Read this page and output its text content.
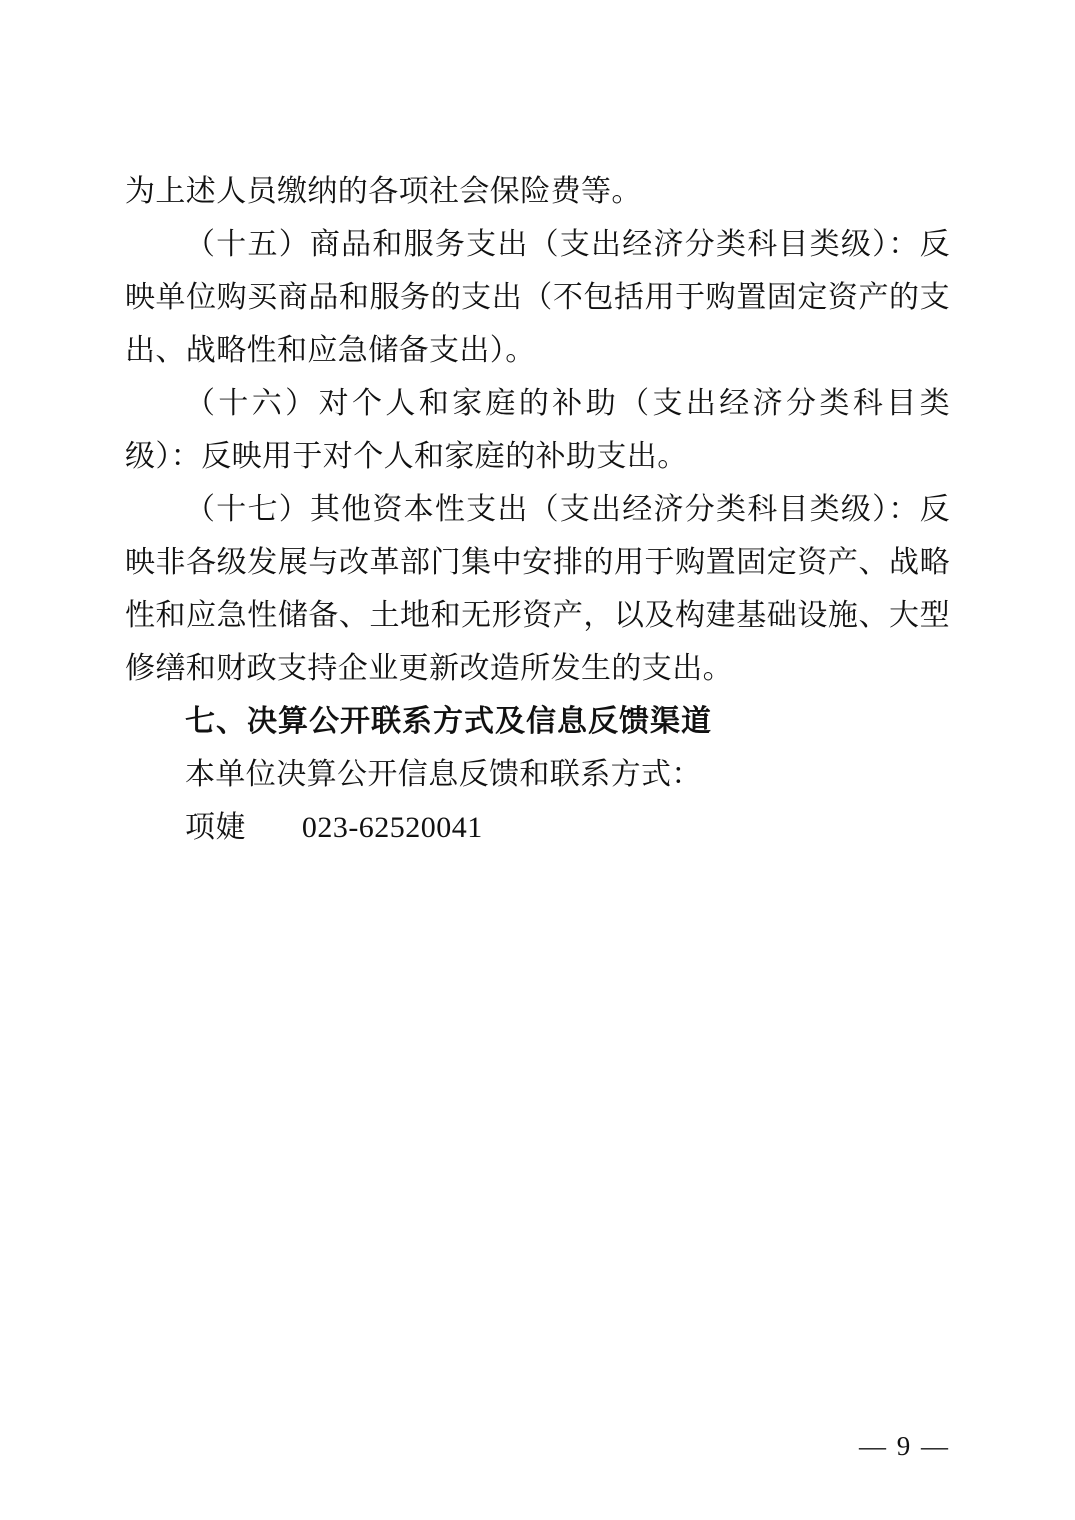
为上述人员缴纳的各项社会保险费等。

（十五）商品和服务支出（支出经济分类科目类级）：反映单位购买商品和服务的支出（不包括用于购置固定资产的支出、战略性和应急储备支出）。

（十六）对个人和家庭的补助（支出经济分类科目类级）：反映用于对个人和家庭的补助支出。

（十七）其他资本性支出（支出经济分类科目类级）：反映非各级发展与改革部门集中安排的用于购置固定资产、战略性和应急性储备、土地和无形资产，以及构建基础设施、大型修缮和财政支持企业更新改造所发生的支出。

七、决算公开联系方式及信息反馈渠道

本单位决算公开信息反馈和联系方式：

项婕 023-62520041

— 9 —
